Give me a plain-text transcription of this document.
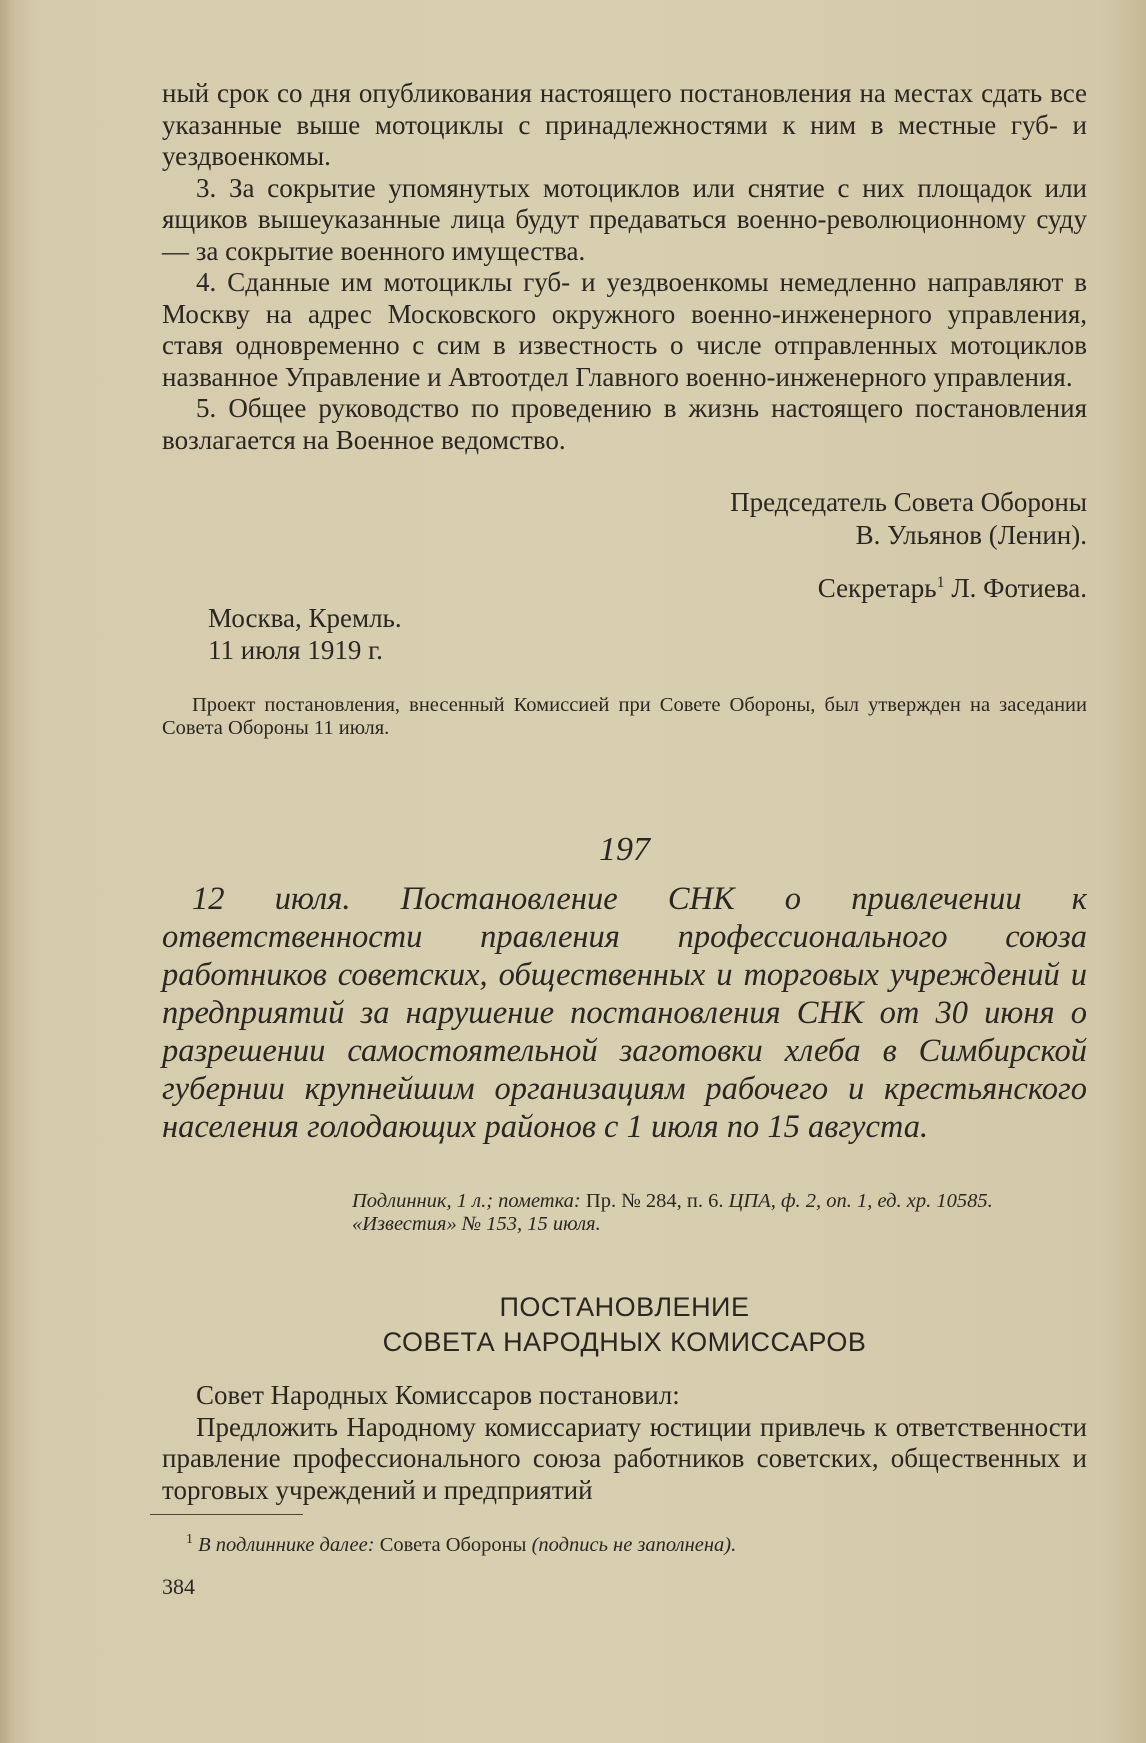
ный срок со дня опубликования настоящего постановления на местах сдать все указанные выше мотоциклы с принадлежностями к ним в местные губ- и уездвоенкомы.

3. За сокрытие упомянутых мотоциклов или снятие с них площадок или ящиков вышеуказанные лица будут предаваться военно-революционному суду — за сокрытие военного имущества.

4. Сданные им мотоциклы губ- и уездвоенкомы немедленно направляют в Москву на адрес Московского окружного военно-инженерного управления, ставя одновременно с сим в известность о числе отправленных мотоциклов названное Управление и Автоотдел Главного военно-инженерного управления.

5. Общее руководство по проведению в жизнь настоящего постановления возлагается на Военное ведомство.

Председатель Совета Обороны

В. Ульянов (Ленин).

Секретарь$^1$ Л. Фотиева.

Москва, Кремль.

11 июля 1919 г.

Проект постановления, внесенный Комиссией при Совете Обороны, был утвержден на заседании Совета Обороны 11 июля.

197

12 июля. Постановление СНК о привлечении к ответственности правления профессионального союза работников советских, общественных и торговых учреждений и предприятий за нарушение постановления СНК от 30 июня о разрешении самостоятельной заготовки хлеба в Симбирской губернии крупнейшим организациям рабочего и крестьянского населения голодающих районов с 1 июля по 15 августа.

Подлинник, 1 л.; пометка: Пр. № 284, п. 6. ЦПА, ф. 2, оп. 1, ед. хр. 10585.

«Известия» № 153, 15 июля.

ПОСТАНОВЛЕНИЕ

СОВЕТА НАРОДНЫХ КОМИССАРОВ

Совет Народных Комиссаров постановил:

Предложить Народному комиссариату юстиции привлечь к ответственности правление профессионального союза работников советских, общественных и торговых учреждений и предприятий

$^1$ В подлиннике далее: Совета Обороны (подпись не заполнена).

384
